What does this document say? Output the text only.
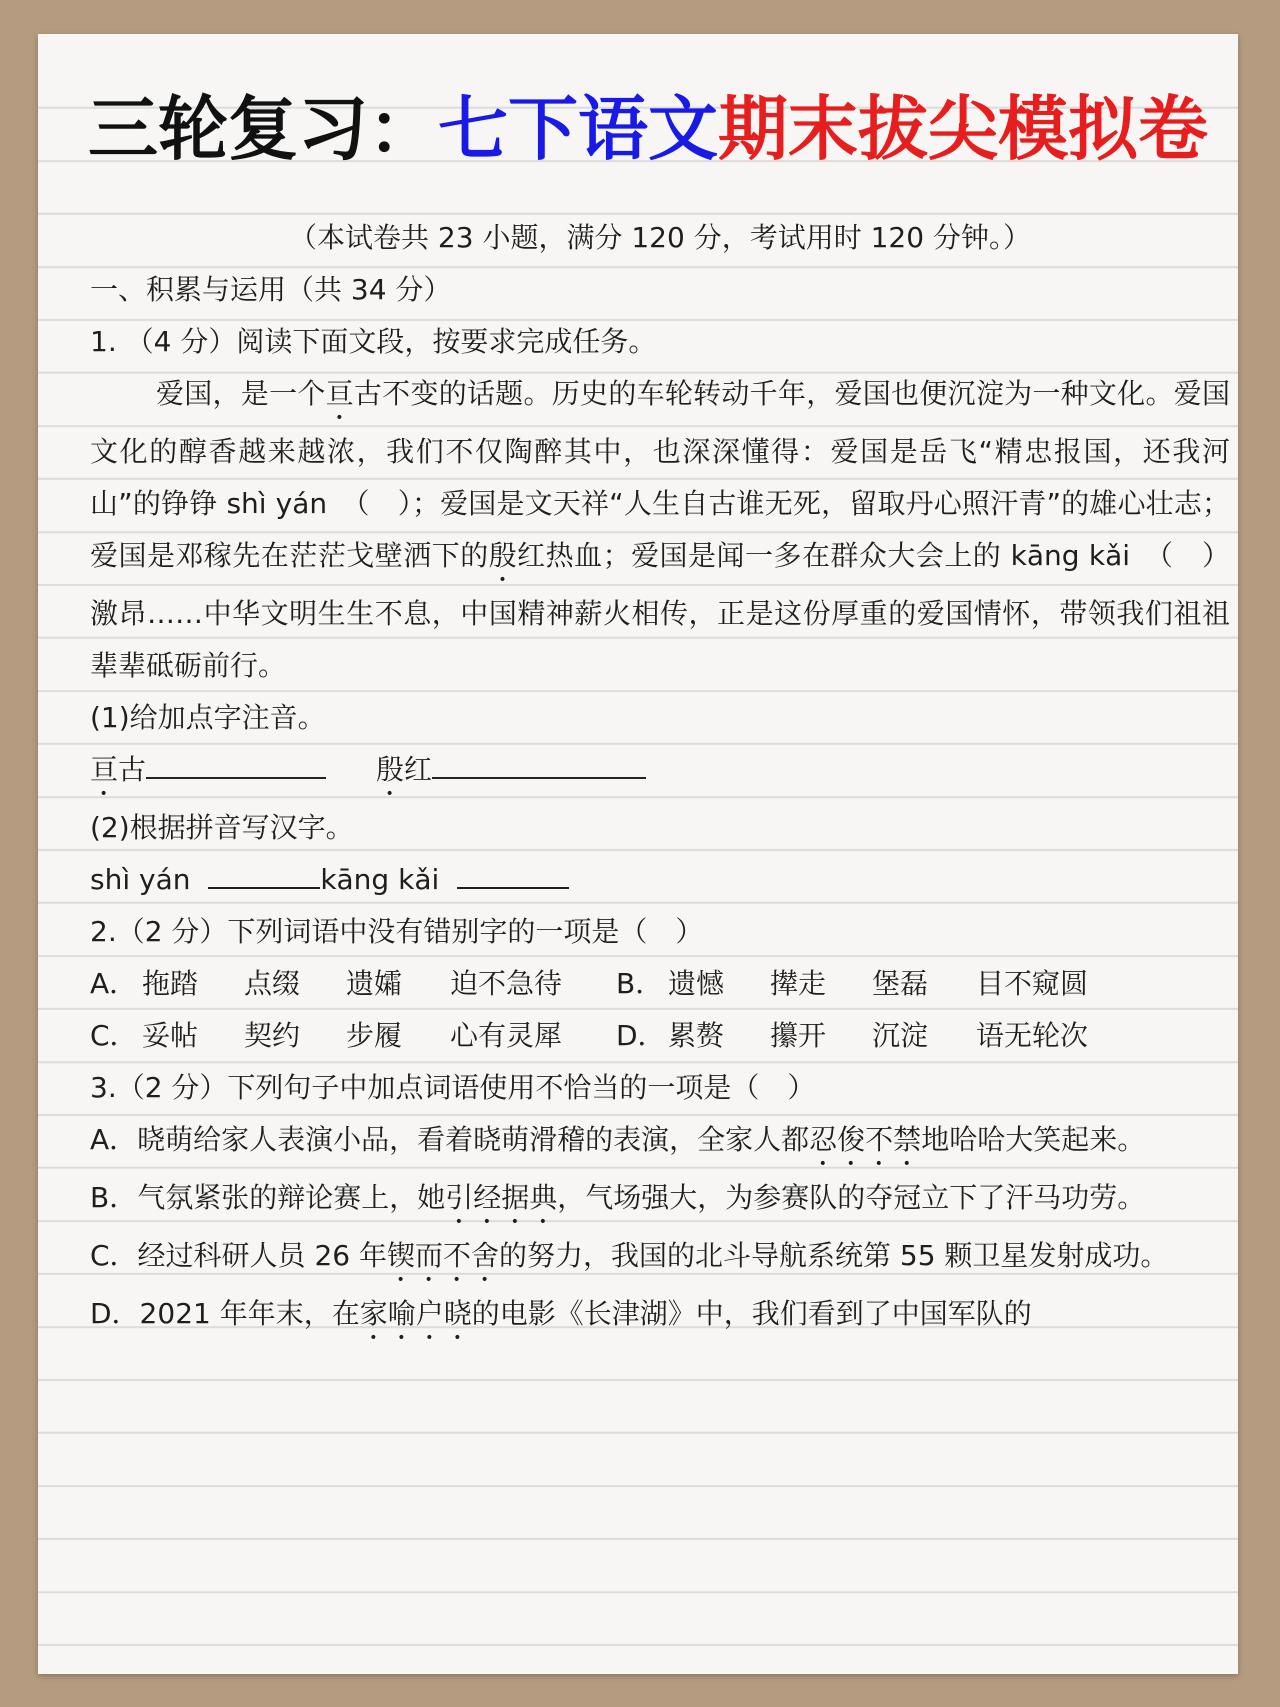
三轮复习：七下语文期末拔尖模拟卷

（本试卷共 23 小题，满分 120 分，考试用时 120 分钟。）

一、积累与运用（共 34 分）

1. （4 分）阅读下面文段，按要求完成任务。

爱国，是一个亘古不变的话题。历史的车轮转动千年，爱国也便沉淀为一种文化。爱国文化的醇香越来越浓，我们不仅陶醉其中，也深深懂得：爱国是岳飞“精忠报国，还我河山”的铮铮 shì yán　（　）；爱国是文天祥“人生自古谁无死，留取丹心照汗青”的雄心壮志；爱国是邓稼先在茫茫戈壁洒下的殷红热血；爱国是闻一多在群众大会上的 kāng kǎi　（　）激昂……中华文明生生不息，中国精神薪火相传，正是这份厚重的爱国情怀，带领我们祖祖辈辈砥砺前行。

(1)给加点字注音。

亘古	殷红

(2)根据拼音写汉字。

shì yán	kāng kǎi

2.（2 分）下列词语中没有错别字的一项是（　）

A． 拖踏	点缀	遗孀	迫不急待	B． 遗憾	撵走	堡磊	目不窥圆
C． 妥帖	契约	步履	心有灵犀	D． 累赘	攥开	沉淀	语无轮次

3.（2 分）下列句子中加点词语使用不恰当的一项是（　）

A．晓萌给家人表演小品，看着晓萌滑稽的表演，全家人都忍俊不禁地哈哈大笑起来。

B．气氛紧张的辩论赛上，她引经据典，气场强大，为参赛队的夺冠立下了汗马功劳。

C．经过科研人员 26 年锲而不舍的努力，我国的北斗导航系统第 55 颗卫星发射成功。

D．2021 年年末，在家喻户晓的电影《长津湖》中，我们看到了中国军队的
